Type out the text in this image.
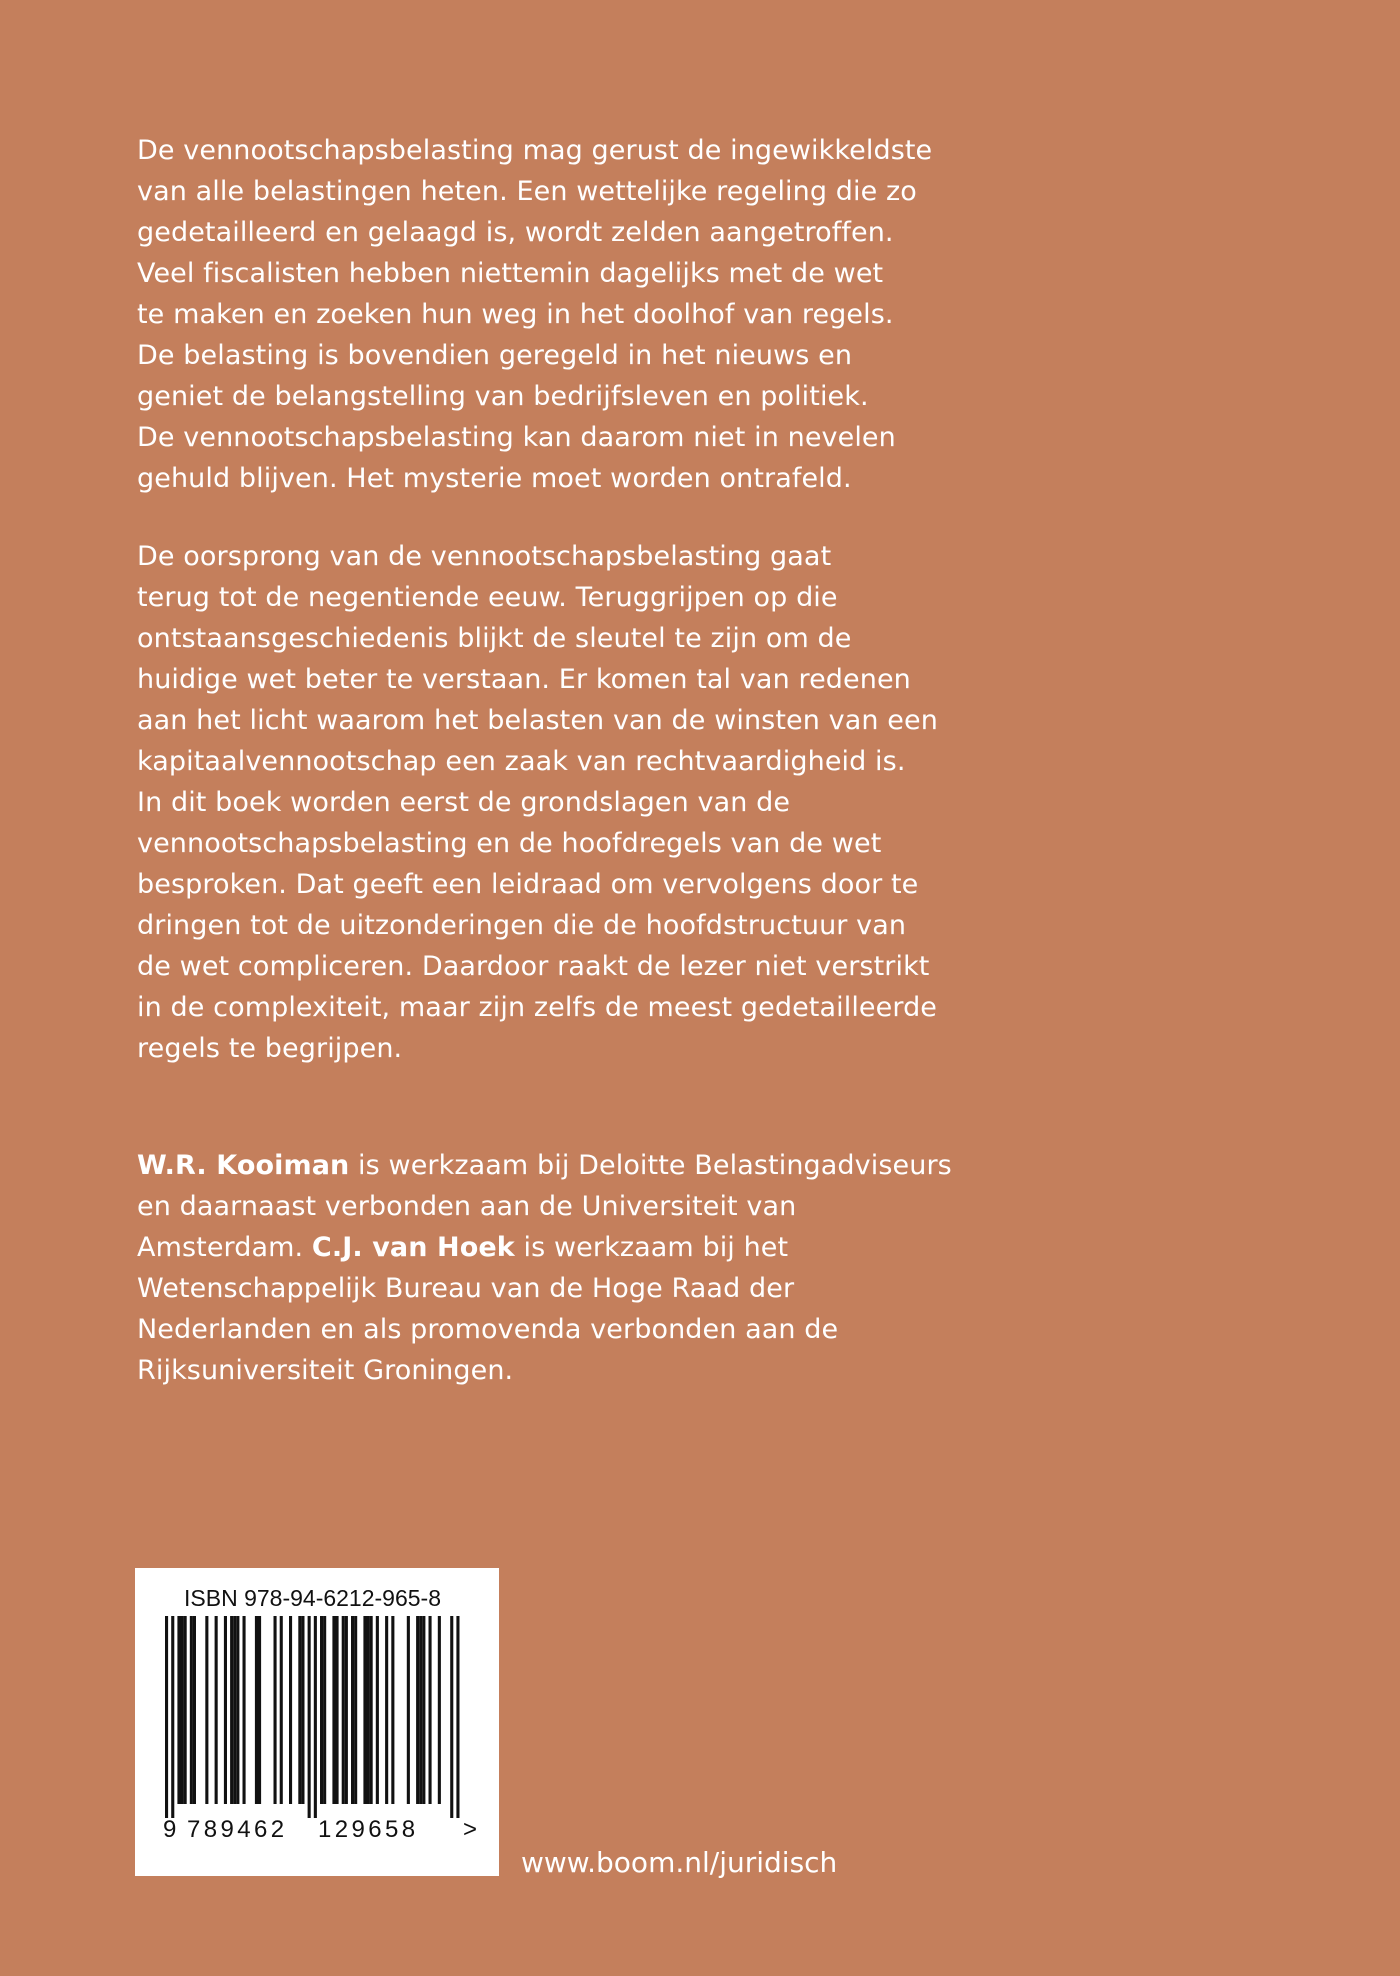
De vennootschapsbelasting mag gerust de ingewikkeldste
van alle belastingen heten. Een wettelijke regeling die zo
gedetailleerd en gelaagd is, wordt zelden aangetroffen.
Veel fiscalisten hebben niettemin dagelijks met de wet
te maken en zoeken hun weg in het doolhof van regels.
De belasting is bovendien geregeld in het nieuws en
geniet de belangstelling van bedrijfsleven en politiek.
De vennootschapsbelasting kan daarom niet in nevelen
gehuld blijven. Het mysterie moet worden ontrafeld.
De oorsprong van de vennootschapsbelasting gaat
terug tot de negentiende eeuw. Teruggrijpen op die
ontstaansgeschiedenis blijkt de sleutel te zijn om de
huidige wet beter te verstaan. Er komen tal van redenen
aan het licht waarom het belasten van de winsten van een
kapitaalvennootschap een zaak van rechtvaardigheid is.
In dit boek worden eerst de grondslagen van de
vennootschapsbelasting en de hoofdregels van de wet
besproken. Dat geeft een leidraad om vervolgens door te
dringen tot de uitzonderingen die de hoofdstructuur van
de wet compliceren. Daardoor raakt de lezer niet verstrikt
in de complexiteit, maar zijn zelfs de meest gedetailleerde
regels te begrijpen.
W.R. Kooiman is werkzaam bij Deloitte Belastingadviseurs
en daarnaast verbonden aan de Universiteit van
Amsterdam. C.J. van Hoek is werkzaam bij het
Wetenschappelijk Bureau van de Hoge Raad der
Nederlanden en als promovenda verbonden aan de
Rijksuniversiteit Groningen.
ISBN 978-94-6212-965-8
9 789462 129658 >
www.boom.nl/juridisch
